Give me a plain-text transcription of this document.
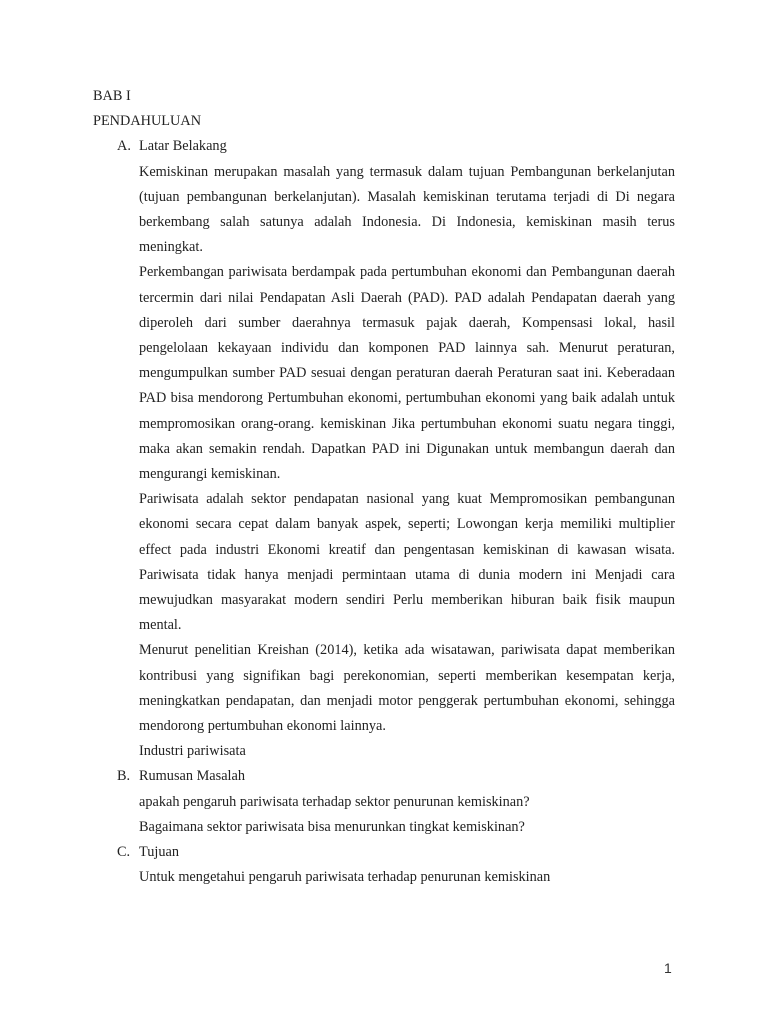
BAB I

PENDAHULUAN

A. Latar Belakang

Kemiskinan merupakan masalah yang termasuk dalam tujuan Pembangunan berkelanjutan (tujuan pembangunan berkelanjutan). Masalah kemiskinan terutama terjadi di Di negara berkembang salah satunya adalah Indonesia. Di Indonesia, kemiskinan masih terus meningkat.

Perkembangan pariwisata berdampak pada pertumbuhan ekonomi dan Pembangunan daerah tercermin dari nilai Pendapatan Asli Daerah (PAD). PAD adalah Pendapatan daerah yang diperoleh dari sumber daerahnya termasuk pajak daerah, Kompensasi lokal, hasil pengelolaan kekayaan individu dan komponen PAD lainnya sah. Menurut peraturan, mengumpulkan sumber PAD sesuai dengan peraturan daerah Peraturan saat ini. Keberadaan PAD bisa mendorong Pertumbuhan ekonomi, pertumbuhan ekonomi yang baik adalah untuk mempromosikan orang-orang. kemiskinan Jika pertumbuhan ekonomi suatu negara tinggi, maka akan semakin rendah. Dapatkan PAD ini Digunakan untuk membangun daerah dan mengurangi kemiskinan.

Pariwisata adalah sektor pendapatan nasional yang kuat Mempromosikan pembangunan ekonomi secara cepat dalam banyak aspek, seperti; Lowongan kerja memiliki multiplier effect pada industri Ekonomi kreatif dan pengentasan kemiskinan di kawasan wisata. Pariwisata tidak hanya menjadi permintaan utama di dunia modern ini Menjadi cara mewujudkan masyarakat modern sendiri Perlu memberikan hiburan baik fisik maupun mental.

Menurut penelitian Kreishan (2014), ketika ada wisatawan, pariwisata dapat memberikan kontribusi yang signifikan bagi perekonomian, seperti memberikan kesempatan kerja, meningkatkan pendapatan, dan menjadi motor penggerak pertumbuhan ekonomi, sehingga mendorong pertumbuhan ekonomi lainnya.

Industri pariwisata

B. Rumusan Masalah

apakah pengaruh pariwisata terhadap sektor penurunan kemiskinan?

Bagaimana sektor pariwisata bisa menurunkan tingkat kemiskinan?

C. Tujuan

Untuk mengetahui pengaruh pariwisata terhadap penurunan kemiskinan

1
